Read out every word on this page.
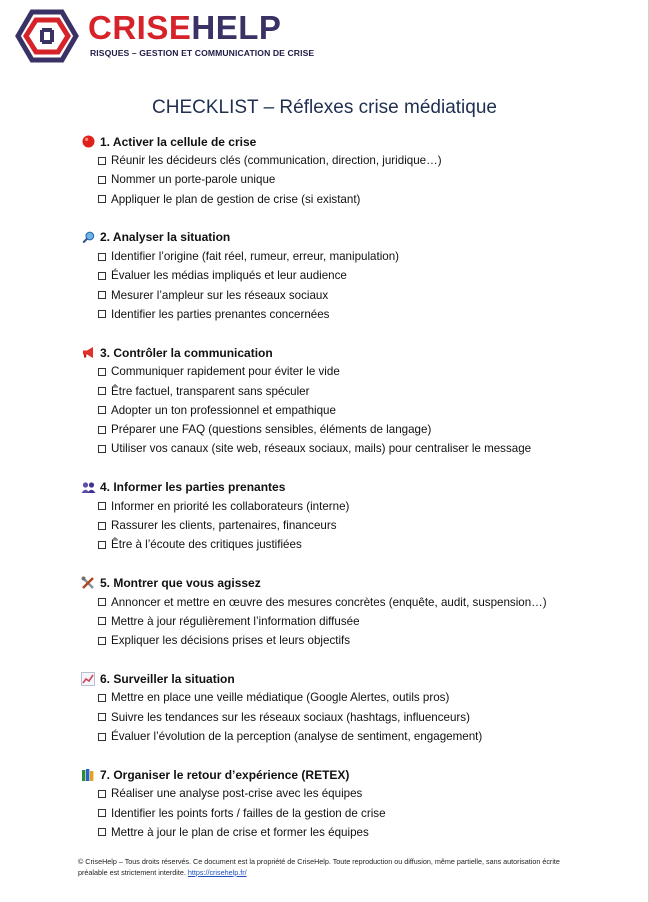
CRISEHELP
RISQUES – GESTION ET COMMUNICATION DE CRISE
CHECKLIST – Réflexes crise médiatique
1. Activer la cellule de crise
Réunir les décideurs clés (communication, direction, juridique…)
Nommer un porte-parole unique
Appliquer le plan de gestion de crise (si existant)
2. Analyser la situation
Identifier l’origine (fait réel, rumeur, erreur, manipulation)
Évaluer les médias impliqués et leur audience
Mesurer l’ampleur sur les réseaux sociaux
Identifier les parties prenantes concernées
3. Contrôler la communication
Communiquer rapidement pour éviter le vide
Être factuel, transparent sans spéculer
Adopter un ton professionnel et empathique
Préparer une FAQ (questions sensibles, éléments de langage)
Utiliser vos canaux (site web, réseaux sociaux, mails) pour centraliser le message
4. Informer les parties prenantes
Informer en priorité les collaborateurs (interne)
Rassurer les clients, partenaires, financeurs
Être à l’écoute des critiques justifiées
5. Montrer que vous agissez
Annoncer et mettre en œuvre des mesures concrètes (enquête, audit, suspension…)
Mettre à jour régulièrement l’information diffusée
Expliquer les décisions prises et leurs objectifs
6. Surveiller la situation
Mettre en place une veille médiatique (Google Alertes, outils pros)
Suivre les tendances sur les réseaux sociaux (hashtags, influenceurs)
Évaluer l’évolution de la perception (analyse de sentiment, engagement)
7. Organiser le retour d’expérience (RETEX)
Réaliser une analyse post-crise avec les équipes
Identifier les points forts / failles de la gestion de crise
Mettre à jour le plan de crise et former les équipes
© CriseHelp – Tous droits réservés. Ce document est la propriété de CriseHelp. Toute reproduction ou diffusion, même partielle, sans autorisation écrite préalable est strictement interdite. https://crisehelp.fr/
